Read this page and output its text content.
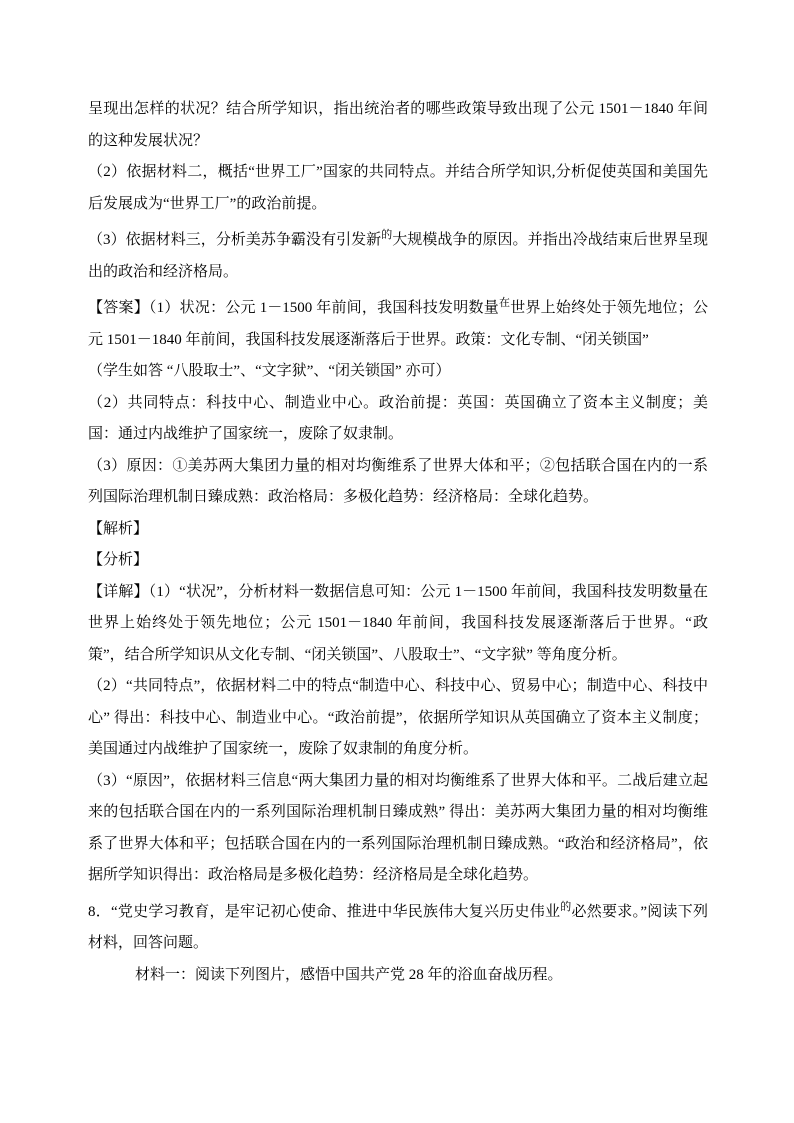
呈现出怎样的状况？结合所学知识，指出统治者的哪些政策导致出现了公元 1501－1840 年间的这种发展状况？

（2）依据材料二，概括“世界工厂”国家的共同特点。并结合所学知识,分析促使英国和美国先后发展成为“世界工厂”的政治前提。

（3）依据材料三，分析美苏争霸没有引发新$^的$大规模战争的原因。并指出冷战结束后世界呈现出的政治和经济格局。

【答案】（1）状况：公元 1－1500 年前间，我国科技发明数量$^在$世界上始终处于领先地位；公元 1501－1840 年前间，我国科技发展逐渐落后于世界。政策：文化专制、“闭关锁国”

（学生如答 “八股取士”、“文字狱”、“闭关锁国” 亦可）

（2）共同特点：科技中心、制造业中心。政治前提：英国：英国确立了资本主义制度；美国：通过内战维护了国家统一，废除了奴隶制。

（3）原因：①美苏两大集团力量的相对均衡维系了世界大体和平；②包括联合国在内的一系列国际治理机制日臻成熟：政治格局：多极化趋势：经济格局：全球化趋势。

【解析】

【分析】

【详解】（1）“状况”，分析材料一数据信息可知：公元 1－1500 年前间，我国科技发明数量在世界上始终处于领先地位；公元 1501－1840 年前间，我国科技发展逐渐落后于世界。“政策”，结合所学知识从文化专制、“闭关锁国”、八股取士”、“文字狱” 等角度分析。

（2）“共同特点”，依据材料二中的特点“制造中心、科技中心、贸易中心；制造中心、科技中心” 得出：科技中心、制造业中心。“政治前提”，依据所学知识从英国确立了资本主义制度；美国通过内战维护了国家统一，废除了奴隶制的角度分析。

（3）“原因”，依据材料三信息“两大集团力量的相对均衡维系了世界大体和平。二战后建立起来的包括联合国在内的一系列国际治理机制日臻成熟” 得出：美苏两大集团力量的相对均衡维系了世界大体和平；包括联合国在内的一系列国际治理机制日臻成熟。“政治和经济格局”，依据所学知识得出：政治格局是多极化趋势：经济格局是全球化趋势。

8．“党史学习教育，是牢记初心使命、推进中华民族伟大复兴历史伟业$^的$必然要求。”阅读下列材料，回答问题。

材料一：阅读下列图片，感悟中国共产党 28 年的浴血奋战历程。
